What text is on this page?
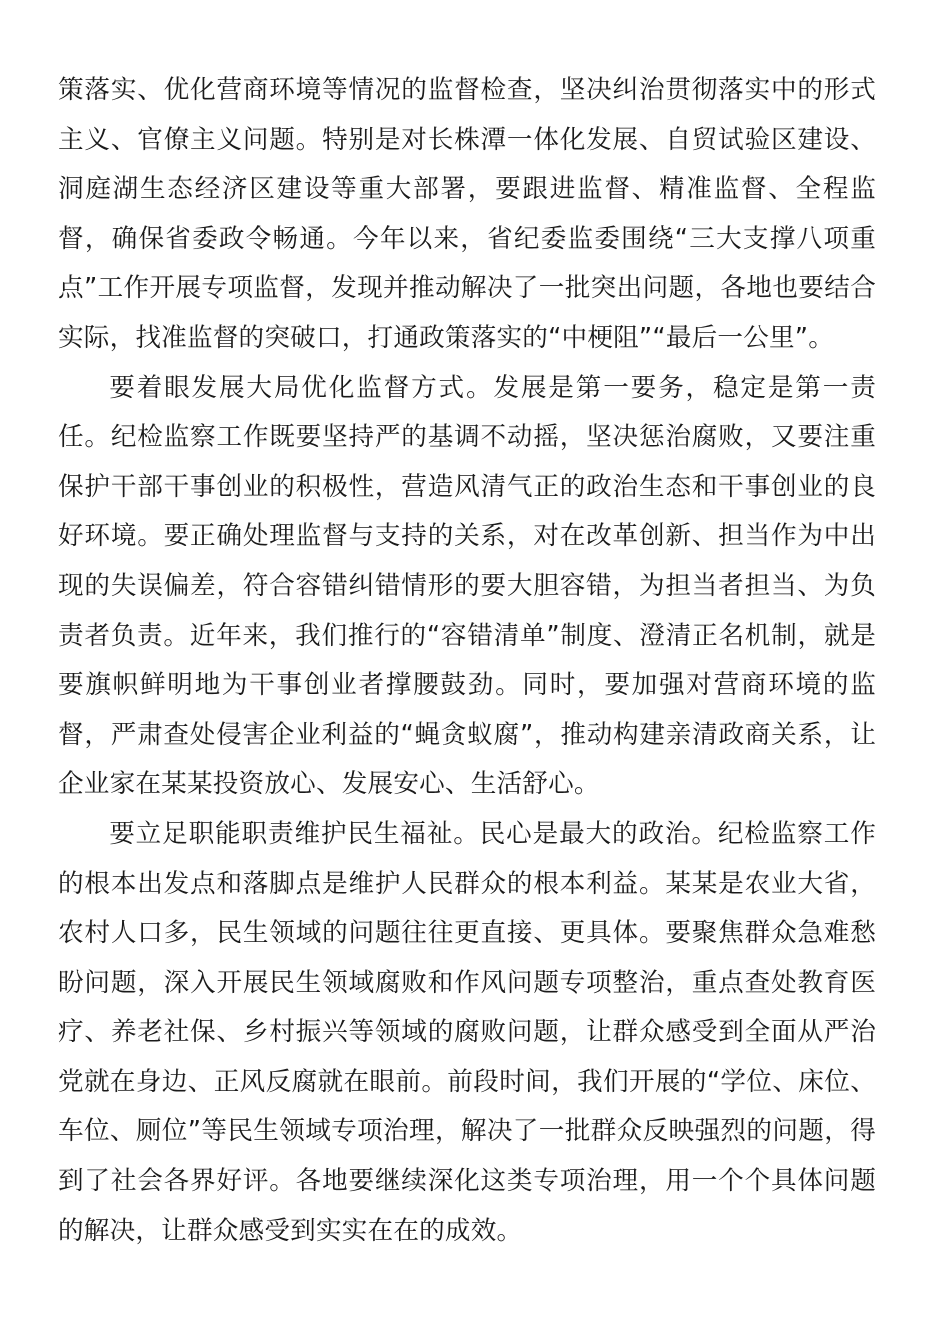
策落实、优化营商环境等情况的监督检查，坚决纠治贯彻落实中的形式主义、官僚主义问题。特别是对长株潭一体化发展、自贸试验区建设、洞庭湖生态经济区建设等重大部署，要跟进监督、精准监督、全程监督，确保省委政令畅通。今年以来，省纪委监委围绕“三大支撑八项重点”工作开展专项监督，发现并推动解决了一批突出问题，各地也要结合实际，找准监督的突破口，打通政策落实的“中梗阻”“最后一公里”。

要着眼发展大局优化监督方式。发展是第一要务，稳定是第一责任。纪检监察工作既要坚持严的基调不动摇，坚决惩治腐败，又要注重保护干部干事创业的积极性，营造风清气正的政治生态和干事创业的良好环境。要正确处理监督与支持的关系，对在改革创新、担当作为中出现的失误偏差，符合容错纠错情形的要大胆容错，为担当者担当、为负责者负责。近年来，我们推行的“容错清单”制度、澄清正名机制，就是要旗帜鲜明地为干事创业者撑腰鼓劲。同时，要加强对营商环境的监督，严肃查处侵害企业利益的“蝇贪蚁腐”，推动构建亲清政商关系，让企业家在某某投资放心、发展安心、生活舒心。

要立足职能职责维护民生福祉。民心是最大的政治。纪检监察工作的根本出发点和落脚点是维护人民群众的根本利益。某某是农业大省，农村人口多，民生领域的问题往往更直接、更具体。要聚焦群众急难愁盼问题，深入开展民生领域腐败和作风问题专项整治，重点查处教育医疗、养老社保、乡村振兴等领域的腐败问题，让群众感受到全面从严治党就在身边、正风反腐就在眼前。前段时间，我们开展的“学位、床位、车位、厕位”等民生领域专项治理，解决了一批群众反映强烈的问题，得到了社会各界好评。各地要继续深化这类专项治理，用一个个具体问题的解决，让群众感受到实实在在的成效。
